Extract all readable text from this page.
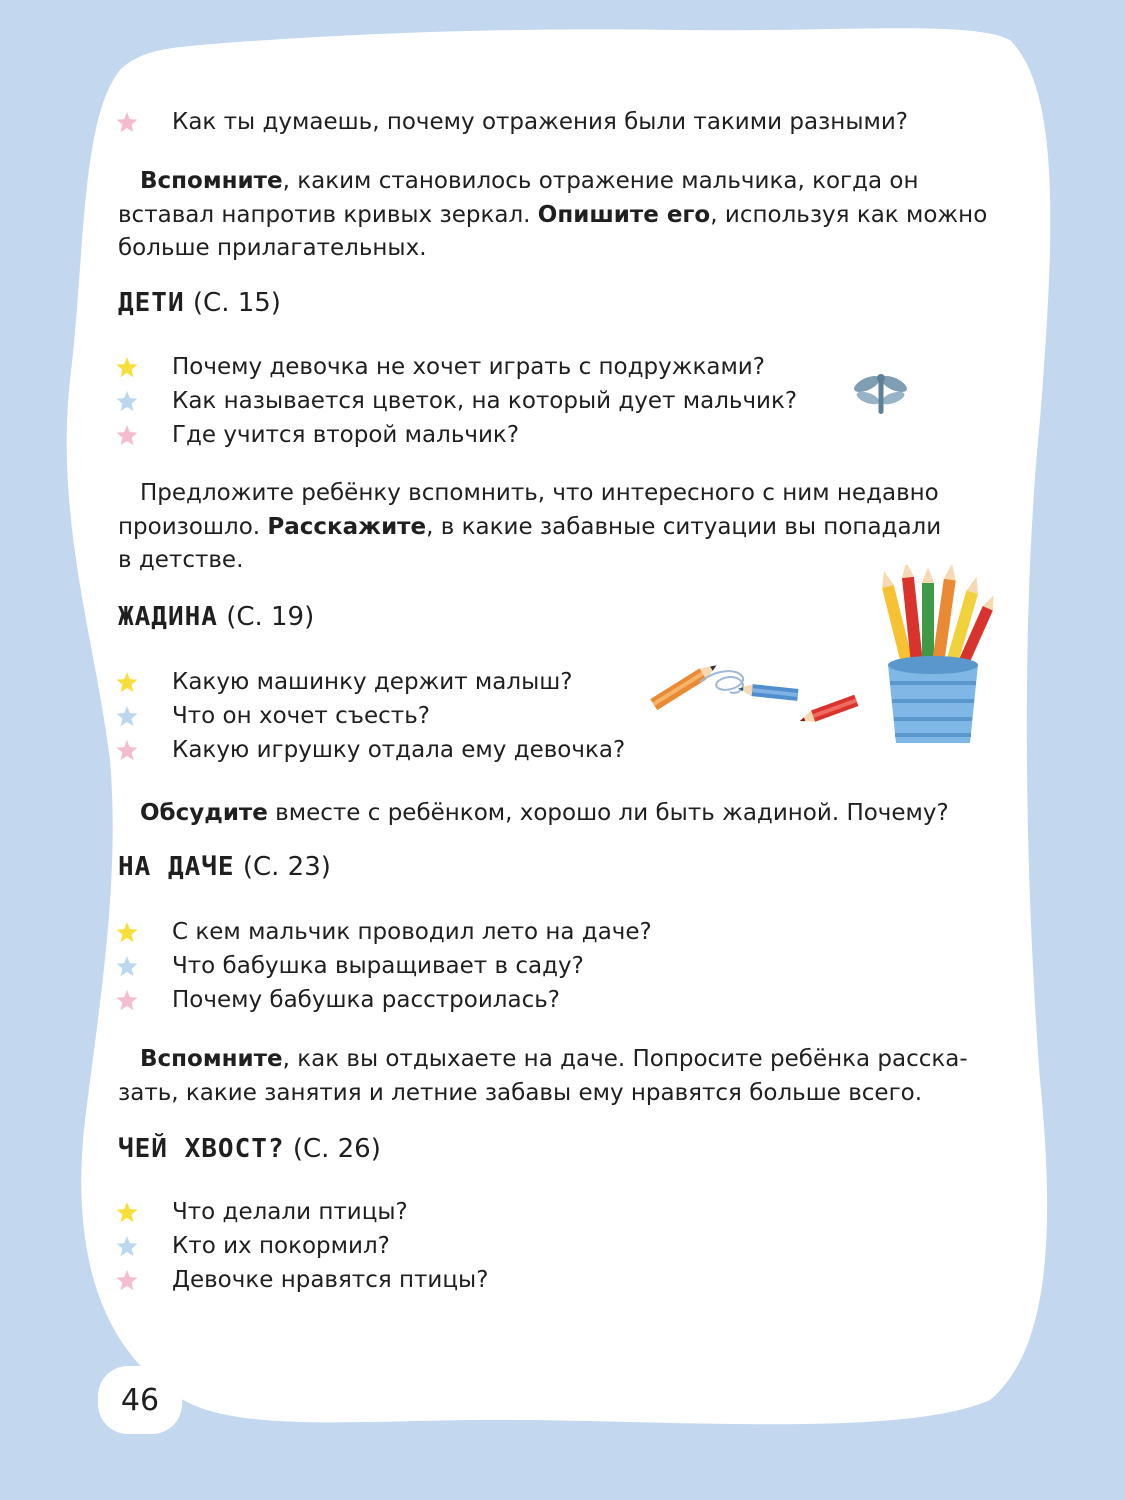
Как ты думаешь, почему отражения были такими разными?
Вспомните, каким становилось отражение мальчика, когда он
вставал напротив кривых зеркал. Опишите его, используя как можно
больше прилагательных.
ДЕТИ (С. 15)
Почему девочка не хочет играть с подружками?
Как называется цветок, на который дует мальчик?
Где учится второй мальчик?
Предложите ребёнку вспомнить, что интересного с ним недавно
произошло. Расскажите, в какие забавные ситуации вы попадали
в детстве.
ЖАДИНА (С. 19)
Какую машинку держит малыш?
Что он хочет съесть?
Какую игрушку отдала ему девочка?
Обсудите вместе с ребёнком, хорошо ли быть жадиной. Почему?
НА ДАЧЕ (С. 23)
С кем мальчик проводил лето на даче?
Что бабушка выращивает в саду?
Почему бабушка расстроилась?
Вспомните, как вы отдыхаете на даче. Попросите ребёнка расска-
зать, какие занятия и летние забавы ему нравятся больше всего.
ЧЕЙ ХВОСТ? (С. 26)
Что делали птицы?
Кто их покормил?
Девочке нравятся птицы?
46
